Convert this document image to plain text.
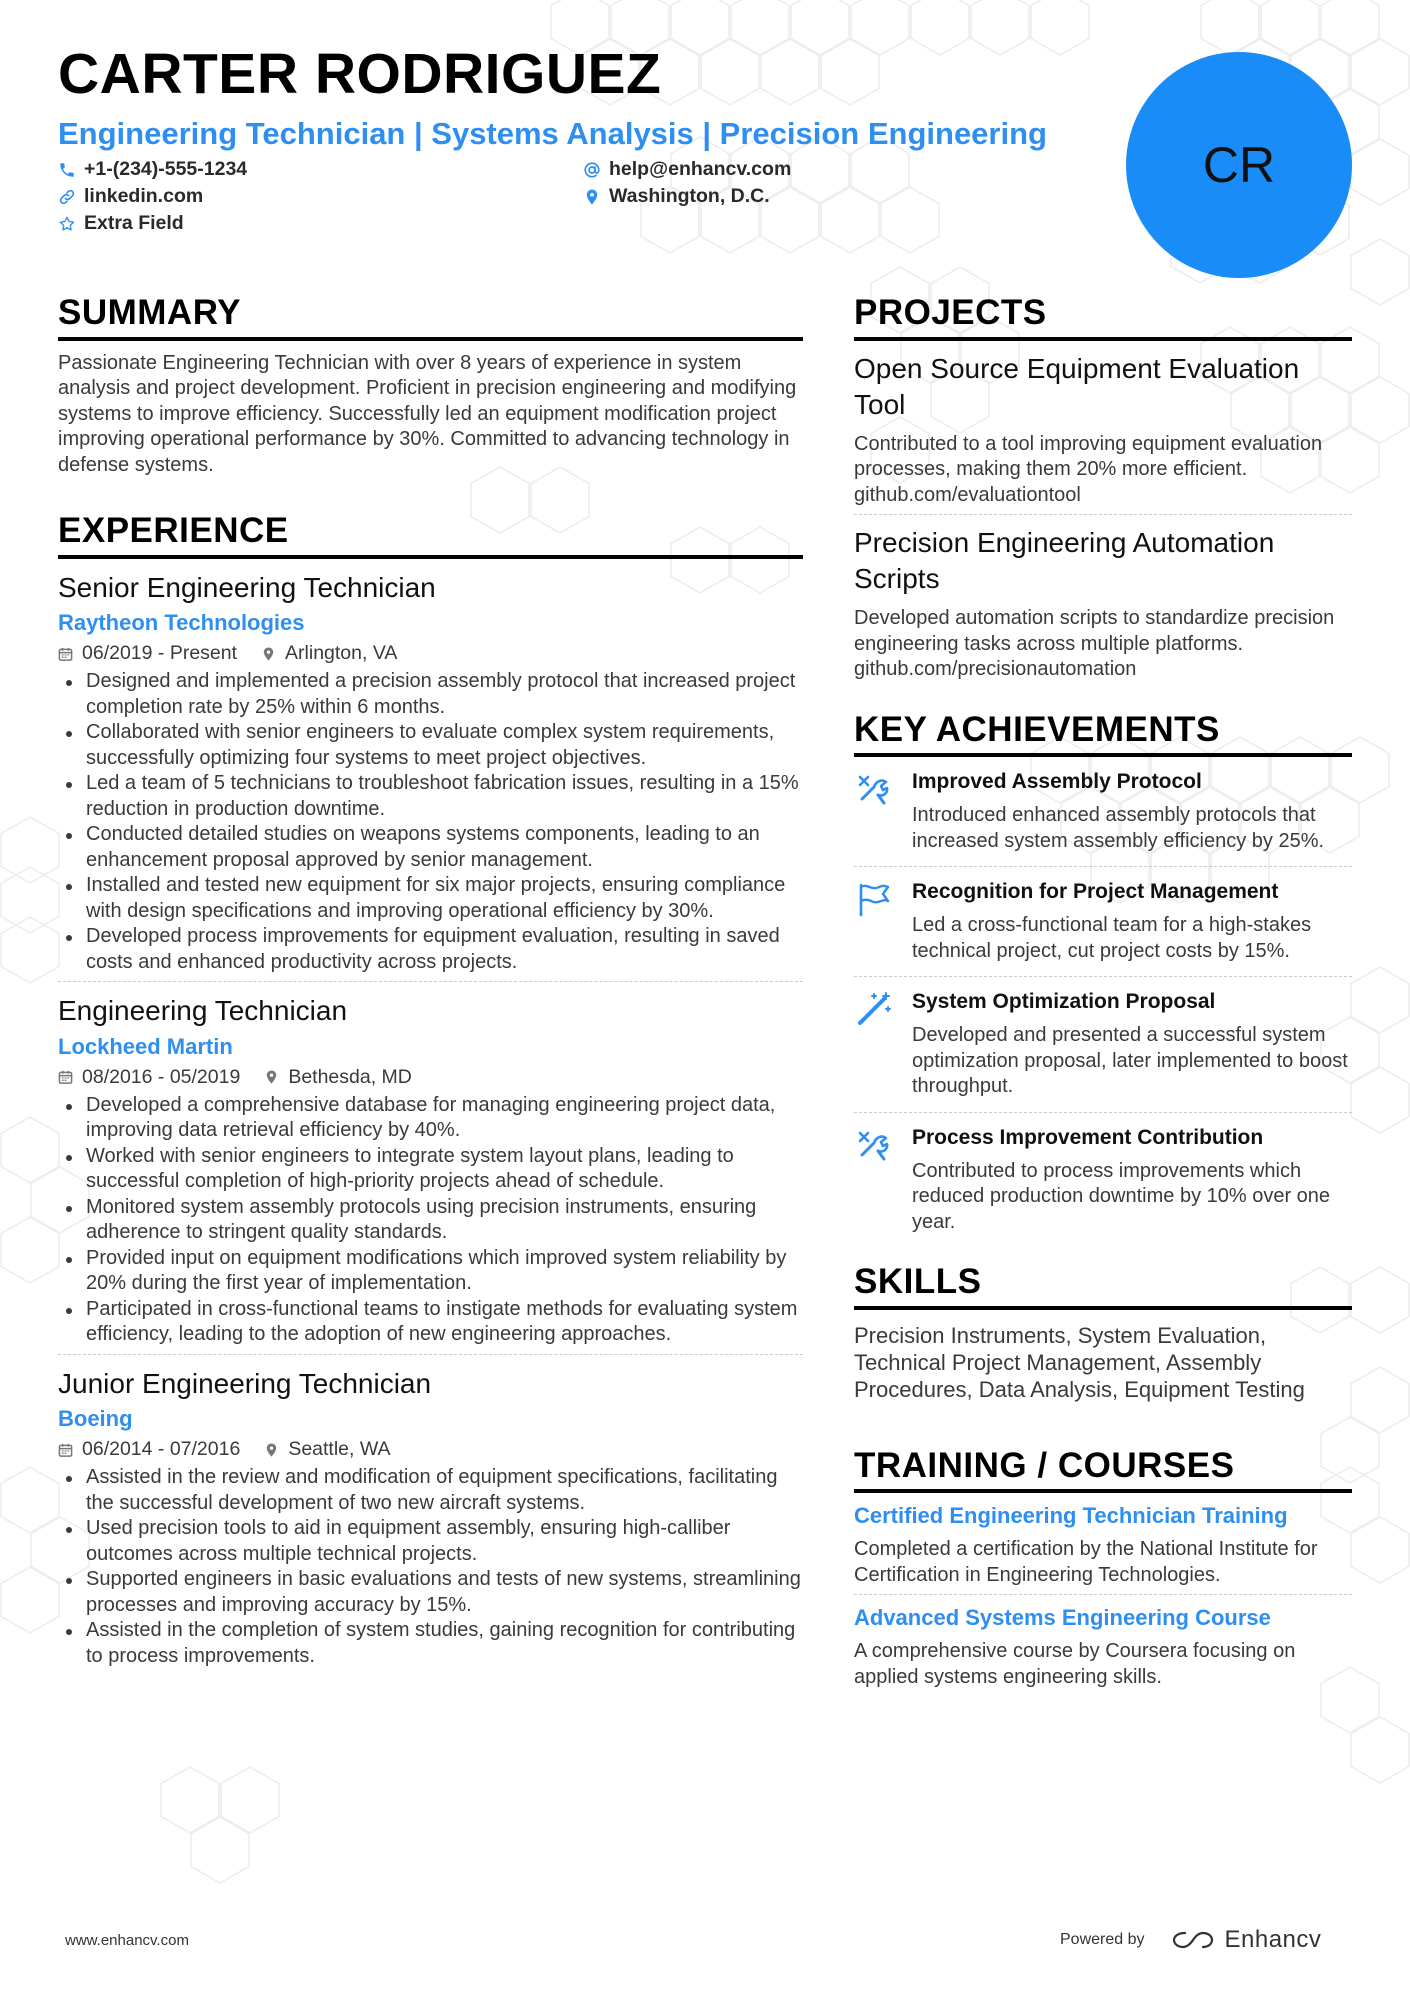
CARTER RODRIGUEZ
Engineering Technician | Systems Analysis | Precision Engineering
+1-(234)-555-1234	help@enhancv.com
linkedin.com	Washington, D.C.
Extra Field
CR
SUMMARY
Passionate Engineering Technician with over 8 years of experience in system analysis and project development. Proficient in precision engineering and modifying systems to improve efficiency. Successfully led an equipment modification project improving operational performance by 30%. Committed to advancing technology in defense systems.
EXPERIENCE
Senior Engineering Technician
Raytheon Technologies
06/2019 - Present Arlington, VA
Designed and implemented a precision assembly protocol that increased project completion rate by 25% within 6 months.
Collaborated with senior engineers to evaluate complex system requirements, successfully optimizing four systems to meet project objectives.
Led a team of 5 technicians to troubleshoot fabrication issues, resulting in a 15% reduction in production downtime.
Conducted detailed studies on weapons systems components, leading to an enhancement proposal approved by senior management.
Installed and tested new equipment for six major projects, ensuring compliance with design specifications and improving operational efficiency by 30%.
Developed process improvements for equipment evaluation, resulting in saved costs and enhanced productivity across projects.
Engineering Technician
Lockheed Martin
08/2016 - 05/2019 Bethesda, MD
Developed a comprehensive database for managing engineering project data, improving data retrieval efficiency by 40%.
Worked with senior engineers to integrate system layout plans, leading to successful completion of high-priority projects ahead of schedule.
Monitored system assembly protocols using precision instruments, ensuring adherence to stringent quality standards.
Provided input on equipment modifications which improved system reliability by 20% during the first year of implementation.
Participated in cross-functional teams to instigate methods for evaluating system efficiency, leading to the adoption of new engineering approaches.
Junior Engineering Technician
Boeing
06/2014 - 07/2016 Seattle, WA
Assisted in the review and modification of equipment specifications, facilitating the successful development of two new aircraft systems.
Used precision tools to aid in equipment assembly, ensuring high-calliber outcomes across multiple technical projects.
Supported engineers in basic evaluations and tests of new systems, streamlining processes and improving accuracy by 15%.
Assisted in the completion of system studies, gaining recognition for contributing to process improvements.
PROJECTS
Open Source Equipment Evaluation Tool
Contributed to a tool improving equipment evaluation processes, making them 20% more efficient. github.com/evaluationtool
Precision Engineering Automation Scripts
Developed automation scripts to standardize precision engineering tasks across multiple platforms. github.com/precisionautomation
KEY ACHIEVEMENTS
Improved Assembly Protocol
Introduced enhanced assembly protocols that increased system assembly efficiency by 25%.
Recognition for Project Management
Led a cross-functional team for a high-stakes technical project, cut project costs by 15%.
System Optimization Proposal
Developed and presented a successful system optimization proposal, later implemented to boost throughput.
Process Improvement Contribution
Contributed to process improvements which reduced production downtime by 10% over one year.
SKILLS
Precision Instruments, System Evaluation, Technical Project Management, Assembly Procedures, Data Analysis, Equipment Testing
TRAINING / COURSES
Certified Engineering Technician Training
Completed a certification by the National Institute for Certification in Engineering Technologies.
Advanced Systems Engineering Course
A comprehensive course by Coursera focusing on applied systems engineering skills.
www.enhancv.com	Powered by	Enhancv
